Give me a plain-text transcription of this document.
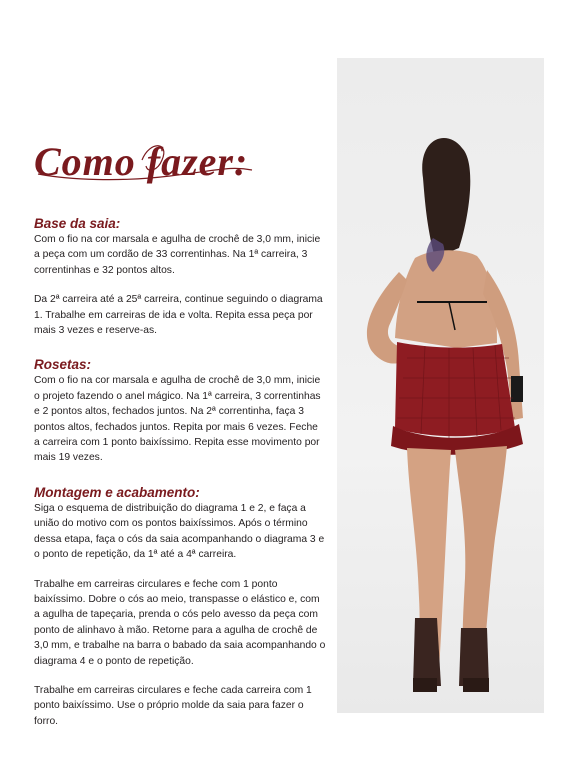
Como fazer:
Base da saia:

Com o fio na cor marsala e agulha de crochê de 3,0 mm, inicie a peça com um cordão de 33 correntinhas. Na 1ª carreira, 3 correntinhas e 32 pontos altos.

Da 2ª carreira até a 25ª carreira, continue seguindo o diagrama 1. Trabalhe em carreiras de ida e volta. Repita essa peça por mais 3 vezes e reserve-as.

Rosetas:

Com o fio na cor marsala e agulha de crochê de 3,0 mm, inicie o projeto fazendo o anel mágico. Na 1ª carreira, 3 correntinhas e 2 pontos altos, fechados juntos. Na 2ª correntinha, faça 3 pontos altos, fechados juntos. Repita por mais 6 vezes. Feche a carreira com 1 ponto baixíssimo. Repita esse movimento por mais 19 vezes.

Montagem e acabamento:

Siga o esquema de distribuição do diagrama 1 e 2, e faça a união do motivo com os pontos baixíssimos. Após o término dessa etapa, faça o cós da saia acompanhando o diagrama 3 e o ponto de repetição, da 1ª até a 4ª carreira.

Trabalhe em carreiras circulares e feche com 1 ponto baixíssimo. Dobre o cós ao meio, transpasse o elástico e, com a agulha de tapeçaria, prenda o cós pelo avesso da peça com ponto de alinhavo à mão. Retorne para a agulha de crochê de 3,0 mm, e trabalhe na barra o babado da saia acompanhando o diagrama 4 e o ponto de repetição.

Trabalhe em carreiras circulares e feche cada carreira com 1 ponto baixíssimo. Use o próprio molde da saia para fazer o forro.
